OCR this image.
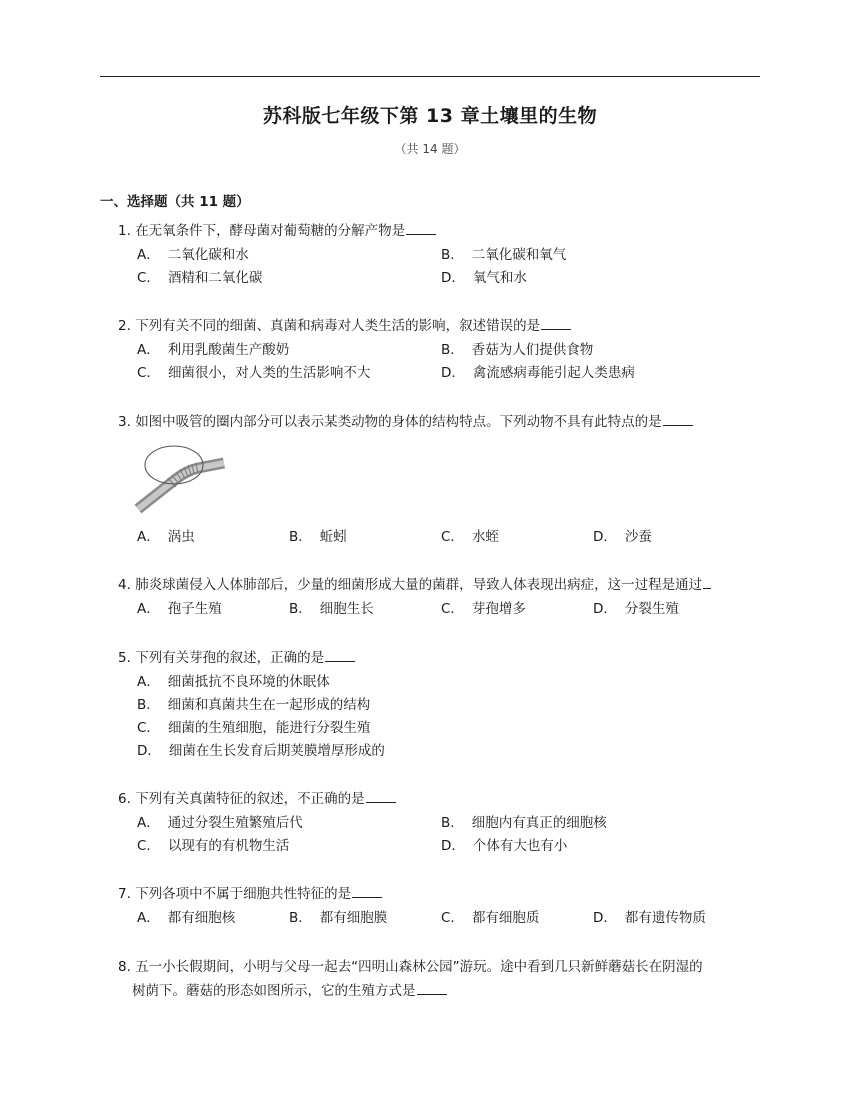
苏科版七年级下第 13 章土壤里的生物
（共 14 题）
一、选择题（共 11 题）
1. 在无氧条件下，酵母菌对葡萄糖的分解产物是
A． 二氧化碳和水	B． 二氧化碳和氧气
C． 酒精和二氧化碳	D． 氧气和水
2. 下列有关不同的细菌、真菌和病毒对人类生活的影响，叙述错误的是
A． 利用乳酸菌生产酸奶	B． 香菇为人们提供食物
C． 细菌很小，对人类的生活影响不大	D． 禽流感病毒能引起人类患病
3. 如图中吸管的圈内部分可以表示某类动物的身体的结构特点。下列动物不具有此特点的是
A． 涡虫	B． 蚯蚓	C． 水蛭	D． 沙蚕
4. 肺炎球菌侵入人体肺部后，少量的细菌形成大量的菌群，导致人体表现出病症，这一过程是通过
A． 孢子生殖	B． 细胞生长	C． 芽孢增多	D． 分裂生殖
5. 下列有关芽孢的叙述，正确的是
A． 细菌抵抗不良环境的休眠体
B． 细菌和真菌共生在一起形成的结构
C． 细菌的生殖细胞，能进行分裂生殖
D． 细菌在生长发育后期荚膜增厚形成的
6. 下列有关真菌特征的叙述，不正确的是
A． 通过分裂生殖繁殖后代	B． 细胞内有真正的细胞核
C． 以现有的有机物生活	D． 个体有大也有小
7. 下列各项中不属于细胞共性特征的是
A． 都有细胞核	B． 都有细胞膜	C． 都有细胞质	D． 都有遗传物质
8. 五一小长假期间，小明与父母一起去“四明山森林公园”游玩。途中看到几只新鲜蘑菇长在阴湿的
树荫下。蘑菇的形态如图所示，它的生殖方式是
